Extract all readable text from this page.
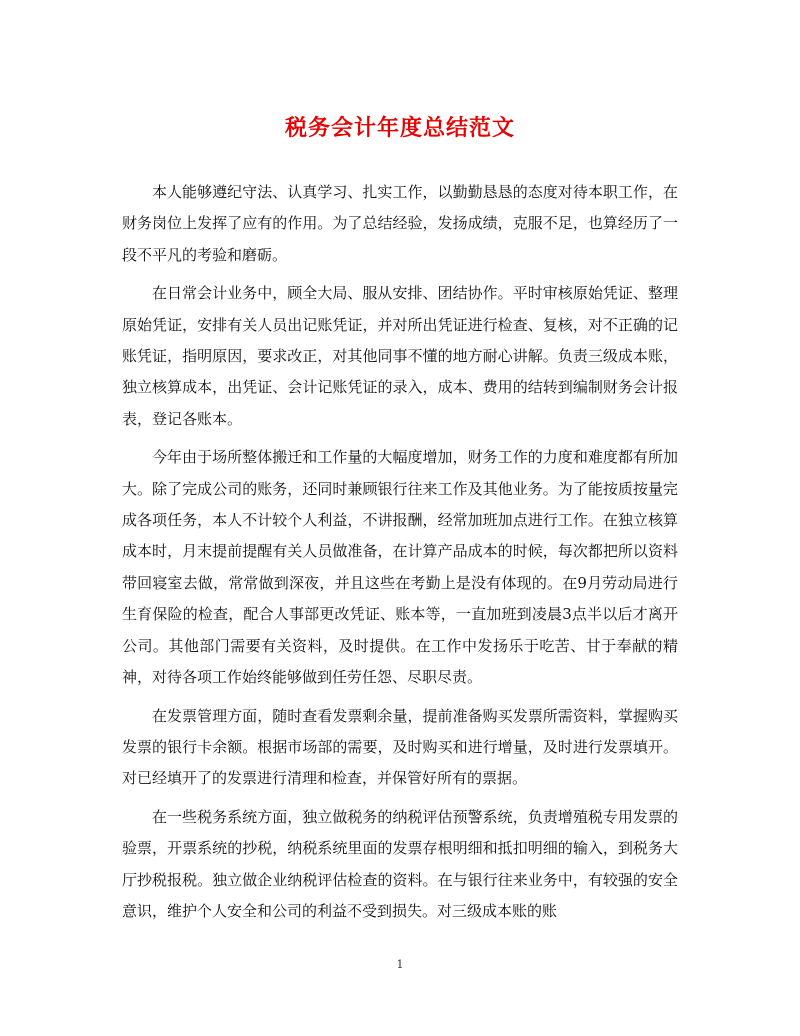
税务会计年度总结范文

本人能够遵纪守法、认真学习、扎实工作，以勤勤恳恳的态度对待本职工作，在财务岗位上发挥了应有的作用。为了总结经验，发扬成绩，克服不足，也算经历了一段不平凡的考验和磨砺。

在日常会计业务中，顾全大局、服从安排、团结协作。平时审核原始凭证、整理原始凭证，安排有关人员出记账凭证，并对所出凭证进行检查、复核，对不正确的记账凭证，指明原因，要求改正，对其他同事不懂的地方耐心讲解。负责三级成本账，独立核算成本，出凭证、会计记账凭证的录入，成本、费用的结转到编制财务会计报表，登记各账本。

今年由于场所整体搬迁和工作量的大幅度增加，财务工作的力度和难度都有所加大。除了完成公司的账务，还同时兼顾银行往来工作及其他业务。为了能按质按量完成各项任务，本人不计较个人利益，不讲报酬，经常加班加点进行工作。在独立核算成本时，月末提前提醒有关人员做准备，在计算产品成本的时候，每次都把所以资料带回寝室去做，常常做到深夜，并且这些在考勤上是没有体现的。在9月劳动局进行生育保险的检查，配合人事部更改凭证、账本等，一直加班到凌晨3点半以后才离开公司。其他部门需要有关资料，及时提供。在工作中发扬乐于吃苦、甘于奉献的精神，对待各项工作始终能够做到任劳任怨、尽职尽责。

在发票管理方面，随时查看发票剩余量，提前准备购买发票所需资料，掌握购买发票的银行卡余额。根据市场部的需要，及时购买和进行增量，及时进行发票填开。对已经填开了的发票进行清理和检查，并保管好所有的票据。

在一些税务系统方面，独立做税务的纳税评估预警系统，负责增殖税专用发票的验票，开票系统的抄税，纳税系统里面的发票存根明细和抵扣明细的输入，到税务大厅抄税报税。独立做企业纳税评估检查的资料。在与银行往来业务中，有较强的安全意识，维护个人安全和公司的利益不受到损失。对三级成本账的账

1
